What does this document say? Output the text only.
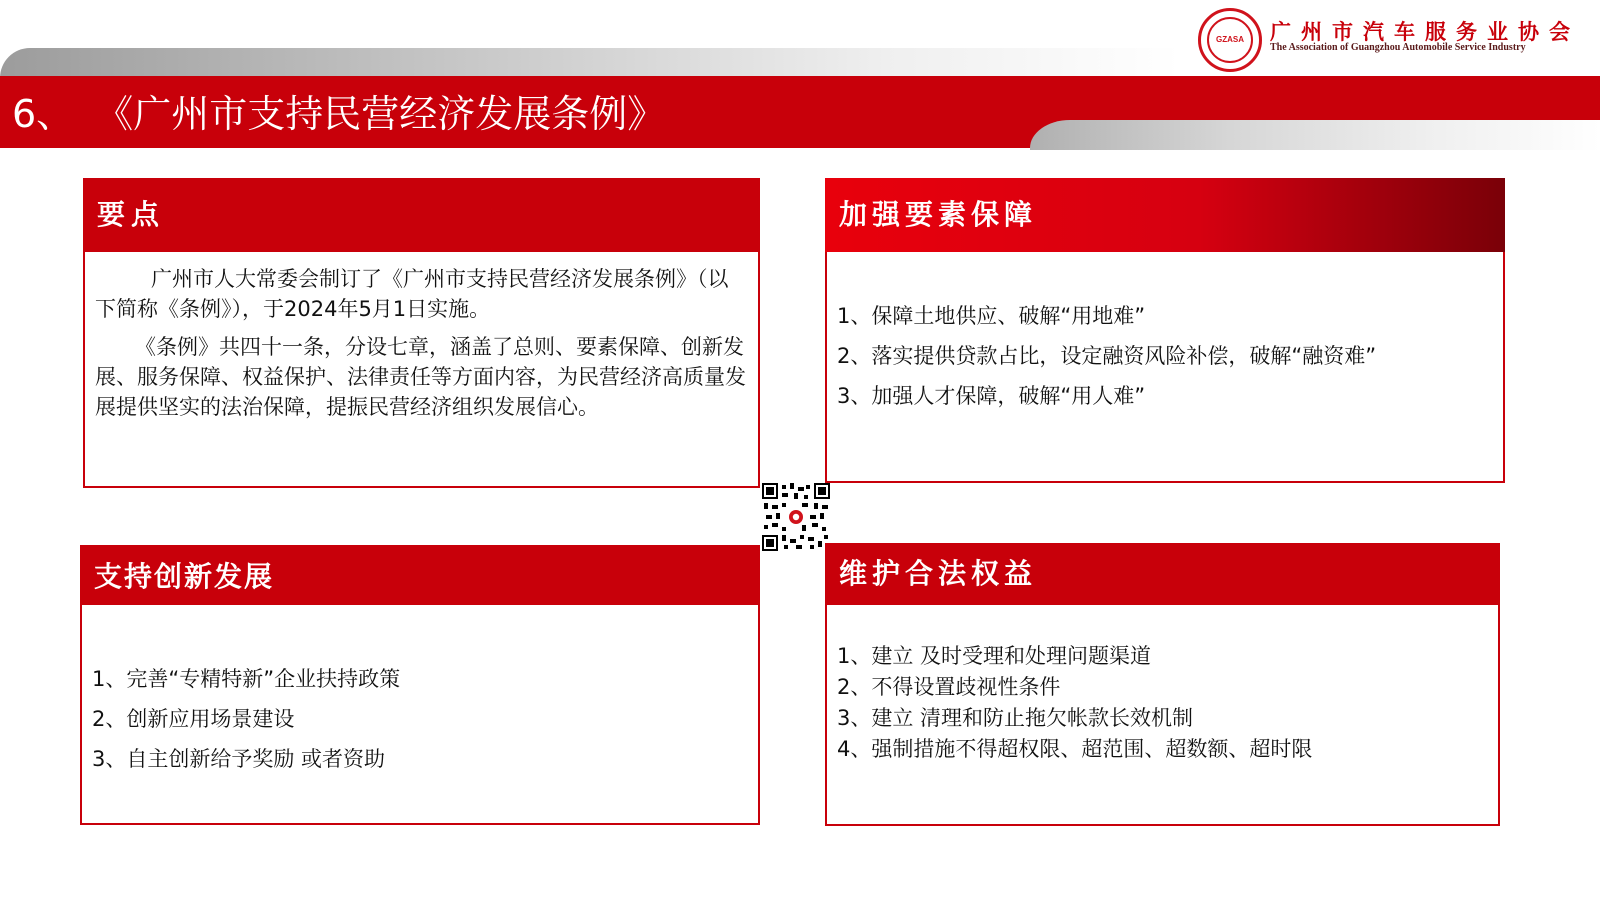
GZASA	广州市汽车服务业协会
The Association of Guangzhou Automobile Service Industry
6、 《广州市支持民营经济发展条例》
要点

广州市人大常委会制订了《广州市支持民营经济发展条例》（以下简称《条例》），于2024年5月1日实施。

《条例》共四十一条，分设七章，涵盖了总则、要素保障、创新发展、服务保障、权益保护、法律责任等方面内容，为民营经济高质量发展提供坚实的法治保障，提振民营经济组织发展信心。

加强要素保障
1、保障土地供应、破解“用地难”
2、落实提供贷款占比，设定融资风险补偿，破解“融资难”
3、加强人才保障，破解“用人难”
支持创新发展
1、完善“专精特新”企业扶持政策
2、创新应用场景建设
3、自主创新给予奖励 或者资助
维护合法权益
1、建立 及时受理和处理问题渠道
2、不得设置歧视性条件
3、建立 清理和防止拖欠帐款长效机制
4、强制措施不得超权限、超范围、超数额、超时限
